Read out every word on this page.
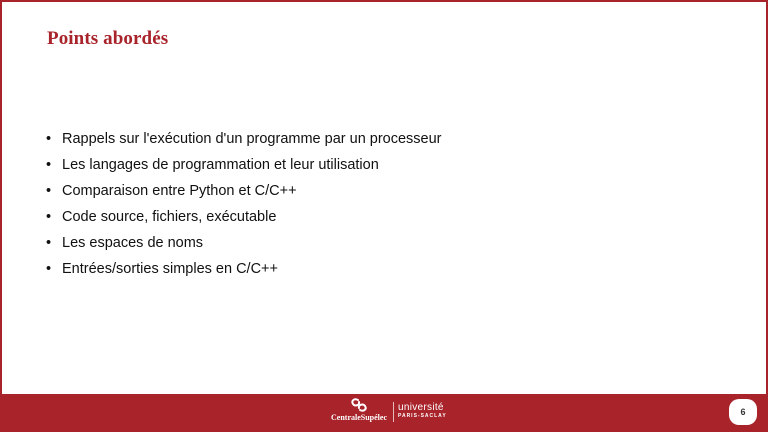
Points abordés
• Rappels sur l'exécution d'un programme par un processeur
• Les langages de programmation et leur utilisation
• Comparaison entre Python et C/C++
• Code source, fichiers, exécutable
• Les espaces de noms
• Entrées/sorties simples en C/C++
CentraleSupélec
université
PARIS-SACLAY	6
